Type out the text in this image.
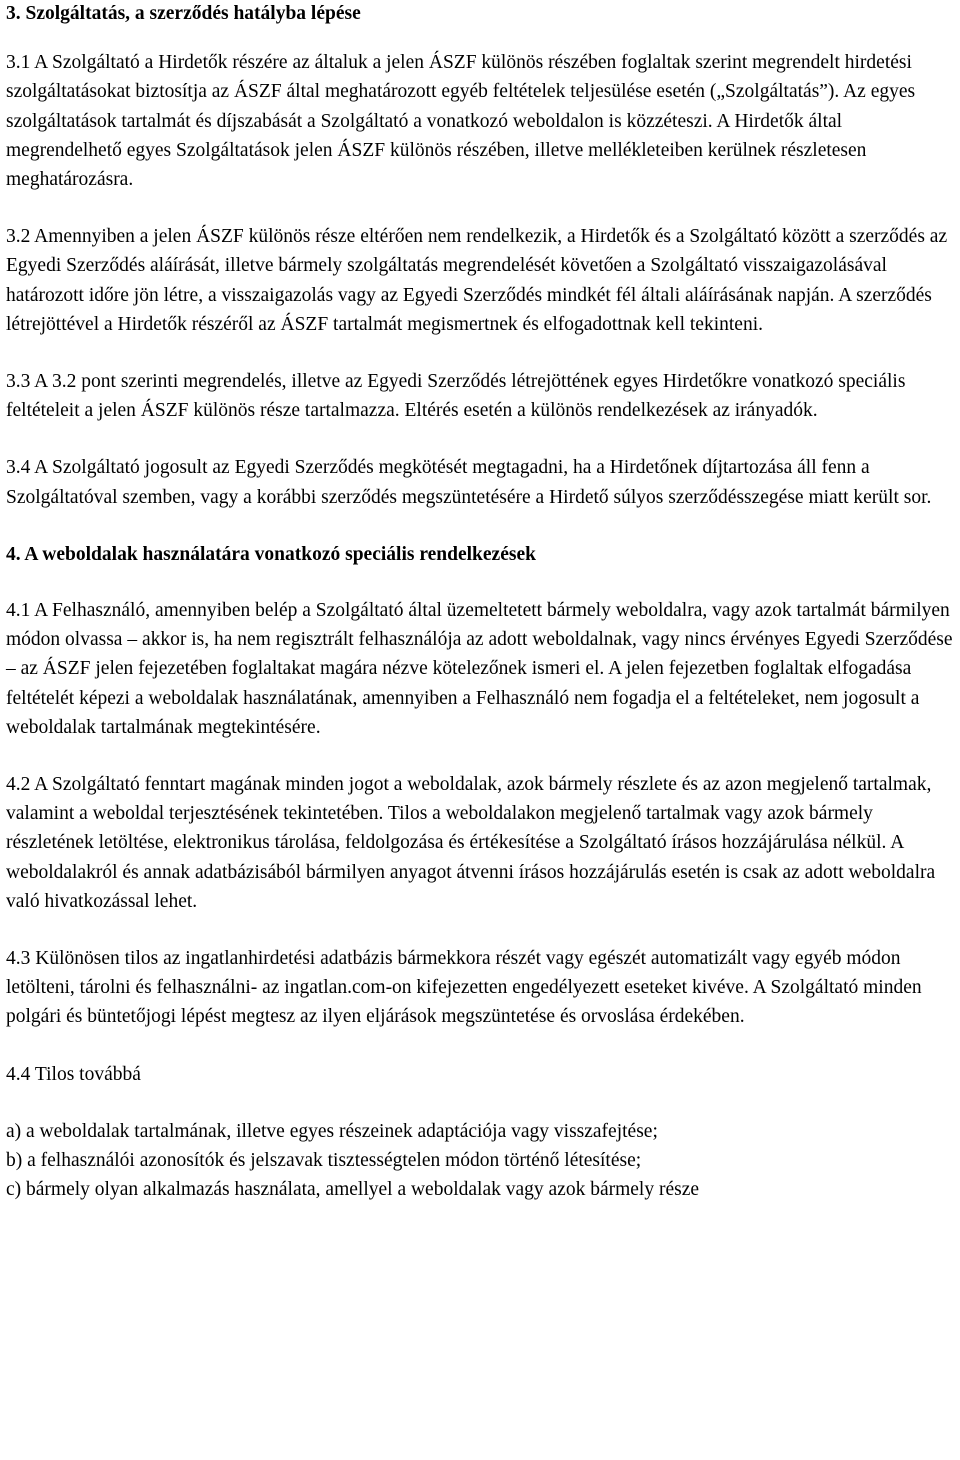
3. Szolgáltatás, a szerződés hatályba lépése

3.1 A Szolgáltató a Hirdetők részére az általuk a jelen ÁSZF különös részében foglaltak szerint megrendelt hirdetési szolgáltatásokat biztosítja az ÁSZF által meghatározott egyéb feltételek teljesülése esetén („Szolgáltatás”). Az egyes szolgáltatások tartalmát és díjszabását a Szolgáltató a vonatkozó weboldalon is közzéteszi. A Hirdetők által megrendelhető egyes Szolgáltatások jelen ÁSZF különös részében, illetve mellékleteiben kerülnek részletesen meghatározásra.

3.2 Amennyiben a jelen ÁSZF különös része eltérően nem rendelkezik, a Hirdetők és a Szolgáltató között a szerződés az Egyedi Szerződés aláírását, illetve bármely szolgáltatás megrendelését követően a Szolgáltató visszaigazolásával határozott időre jön létre, a visszaigazolás vagy az Egyedi Szerződés mindkét fél általi aláírásának napján. A szerződés létrejöttével a Hirdetők részéről az ÁSZF tartalmát megismertnek és elfogadottnak kell tekinteni.

3.3 A 3.2 pont szerinti megrendelés, illetve az Egyedi Szerződés létrejöttének egyes Hirdetőkre vonatkozó speciális feltételeit a jelen ÁSZF különös része tartalmazza. Eltérés esetén a különös rendelkezések az irányadók.

3.4 A Szolgáltató jogosult az Egyedi Szerződés megkötését megtagadni, ha a Hirdetőnek díjtartozása áll fenn a Szolgáltatóval szemben, vagy a korábbi szerződés megszüntetésére a Hirdető súlyos szerződésszegése miatt került sor.

4. A weboldalak használatára vonatkozó speciális rendelkezések

4.1 A Felhasználó, amennyiben belép a Szolgáltató által üzemeltetett bármely weboldalra, vagy azok tartalmát bármilyen módon olvassa – akkor is, ha nem regisztrált felhasználója az adott weboldalnak, vagy nincs érvényes Egyedi Szerződése – az ÁSZF jelen fejezetében foglaltakat magára nézve kötelezőnek ismeri el. A jelen fejezetben foglaltak elfogadása feltételét képezi a weboldalak használatának, amennyiben a Felhasználó nem fogadja el a feltételeket, nem jogosult a weboldalak tartalmának megtekintésére.

4.2 A Szolgáltató fenntart magának minden jogot a weboldalak, azok bármely részlete és az azon megjelenő tartalmak, valamint a weboldal terjesztésének tekintetében. Tilos a weboldalakon megjelenő tartalmak vagy azok bármely részletének letöltése, elektronikus tárolása, feldolgozása és értékesítése a Szolgáltató írásos hozzájárulása nélkül. A weboldalakról és annak adatbázisából bármilyen anyagot átvenni írásos hozzájárulás esetén is csak az adott weboldalra való hivatkozással lehet.

4.3 Különösen tilos az ingatlanhirdetési adatbázis bármekkora részét vagy egészét automatizált vagy egyéb módon letölteni, tárolni és felhasználni- az ingatlan.com-on kifejezetten engedélyezett eseteket kivéve. A Szolgáltató minden polgári és büntetőjogi lépést megtesz az ilyen eljárások megszüntetése és orvoslása érdekében.

4.4 Tilos továbbá

a) a weboldalak tartalmának, illetve egyes részeinek adaptációja vagy visszafejtése;

b) a felhasználói azonosítók és jelszavak tisztességtelen módon történő létesítése;

c) bármely olyan alkalmazás használata, amellyel a weboldalak vagy azok bármely része
